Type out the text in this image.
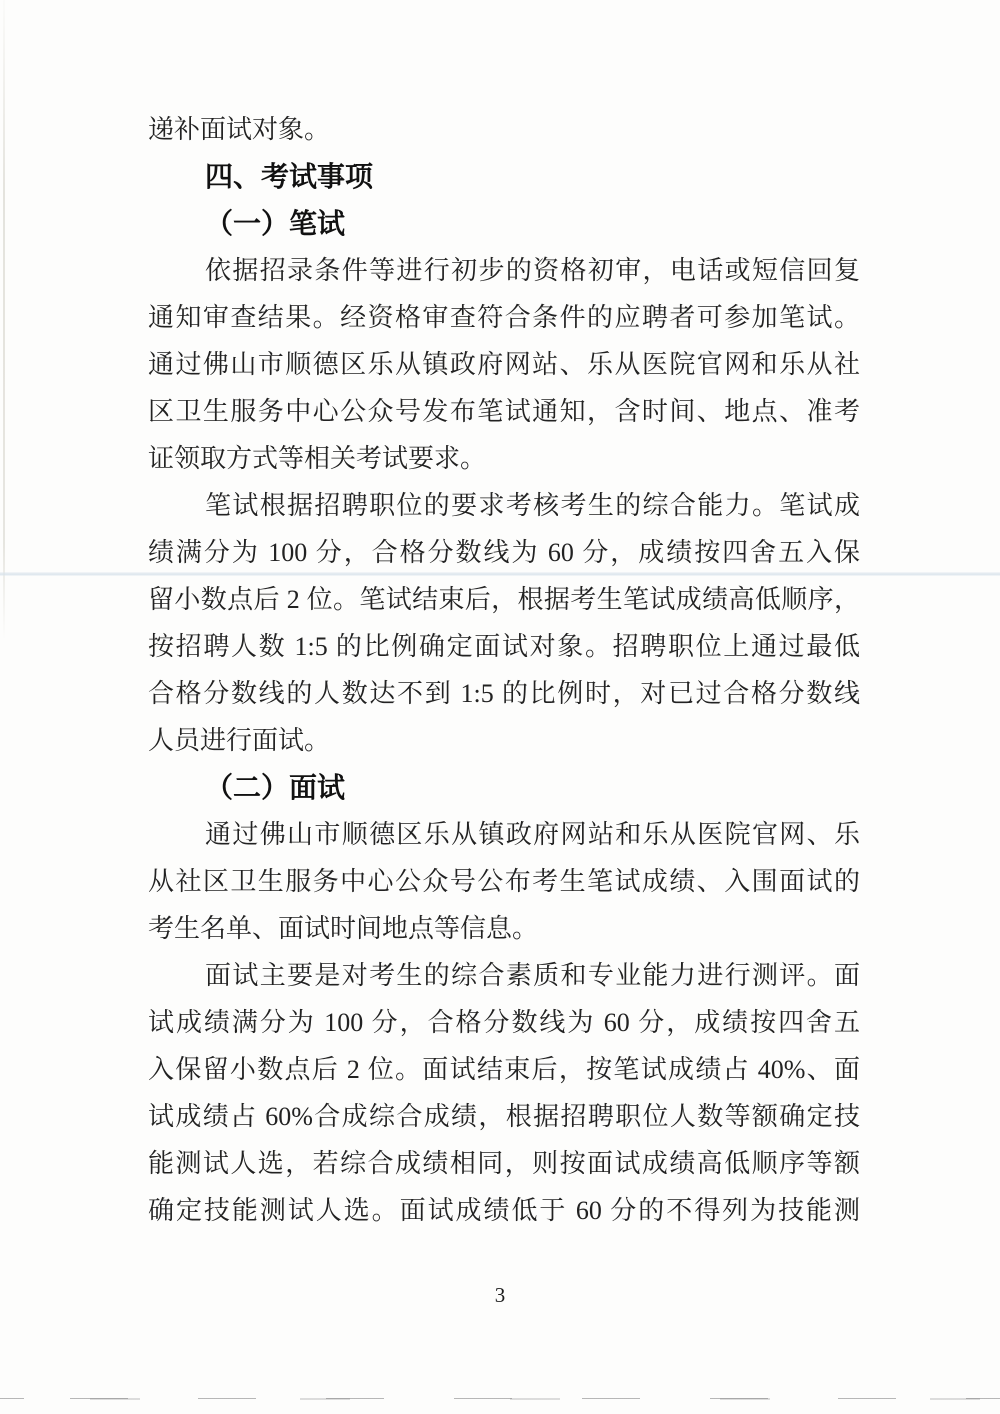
递补面试对象。
四、考试事项
（一）笔试
依据招录条件等进行初步的资格初审，电话或短信回复
通知审查结果。经资格审查符合条件的应聘者可参加笔试。
通过佛山市顺德区乐从镇政府网站、乐从医院官网和乐从社
区卫生服务中心公众号发布笔试通知，含时间、地点、准考
证领取方式等相关考试要求。
笔试根据招聘职位的要求考核考生的综合能力。笔试成
绩满分为 100 分，合格分数线为 60 分，成绩按四舍五入保
留小数点后 2 位。笔试结束后，根据考生笔试成绩高低顺序，
按招聘人数 1:5 的比例确定面试对象。招聘职位上通过最低
合格分数线的人数达不到 1:5 的比例时，对已过合格分数线
人员进行面试。
（二）面试
通过佛山市顺德区乐从镇政府网站和乐从医院官网、乐
从社区卫生服务中心公众号公布考生笔试成绩、入围面试的
考生名单、面试时间地点等信息。
面试主要是对考生的综合素质和专业能力进行测评。面
试成绩满分为 100 分，合格分数线为 60 分，成绩按四舍五
入保留小数点后 2 位。面试结束后，按笔试成绩占 40%、面
试成绩占 60%合成综合成绩，根据招聘职位人数等额确定技
能测试人选，若综合成绩相同，则按面试成绩高低顺序等额
确定技能测试人选。面试成绩低于 60 分的不得列为技能测
3
